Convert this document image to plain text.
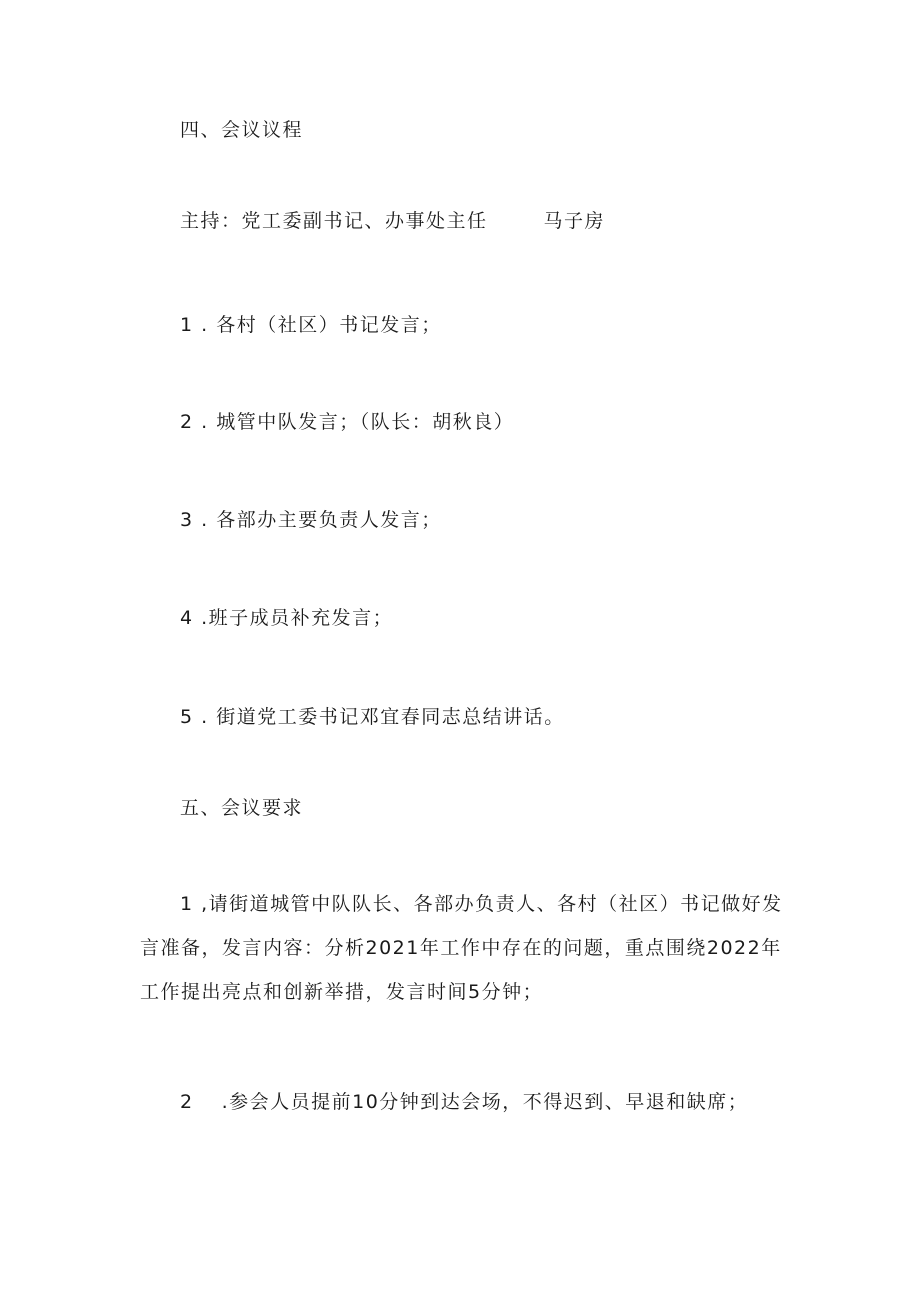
四、会议议程
主持：党工委副书记、办事处主任	马子房
1 . 各村（社区）书记发言；
2 . 城管中队发言；（队长：胡秋良）
3 . 各部办主要负责人发言；
4 .班子成员补充发言；
5 . 街道党工委书记邓宜春同志总结讲话。
五、会议要求
1 ,请街道城管中队队长、各部办负责人、各村（社区）书记做好发言准备，发言内容：分析2021年工作中存在的问题，重点围绕2022年工作提出亮点和创新举措，发言时间5分钟；
2 .参会人员提前10分钟到达会场，不得迟到、早退和缺席；
